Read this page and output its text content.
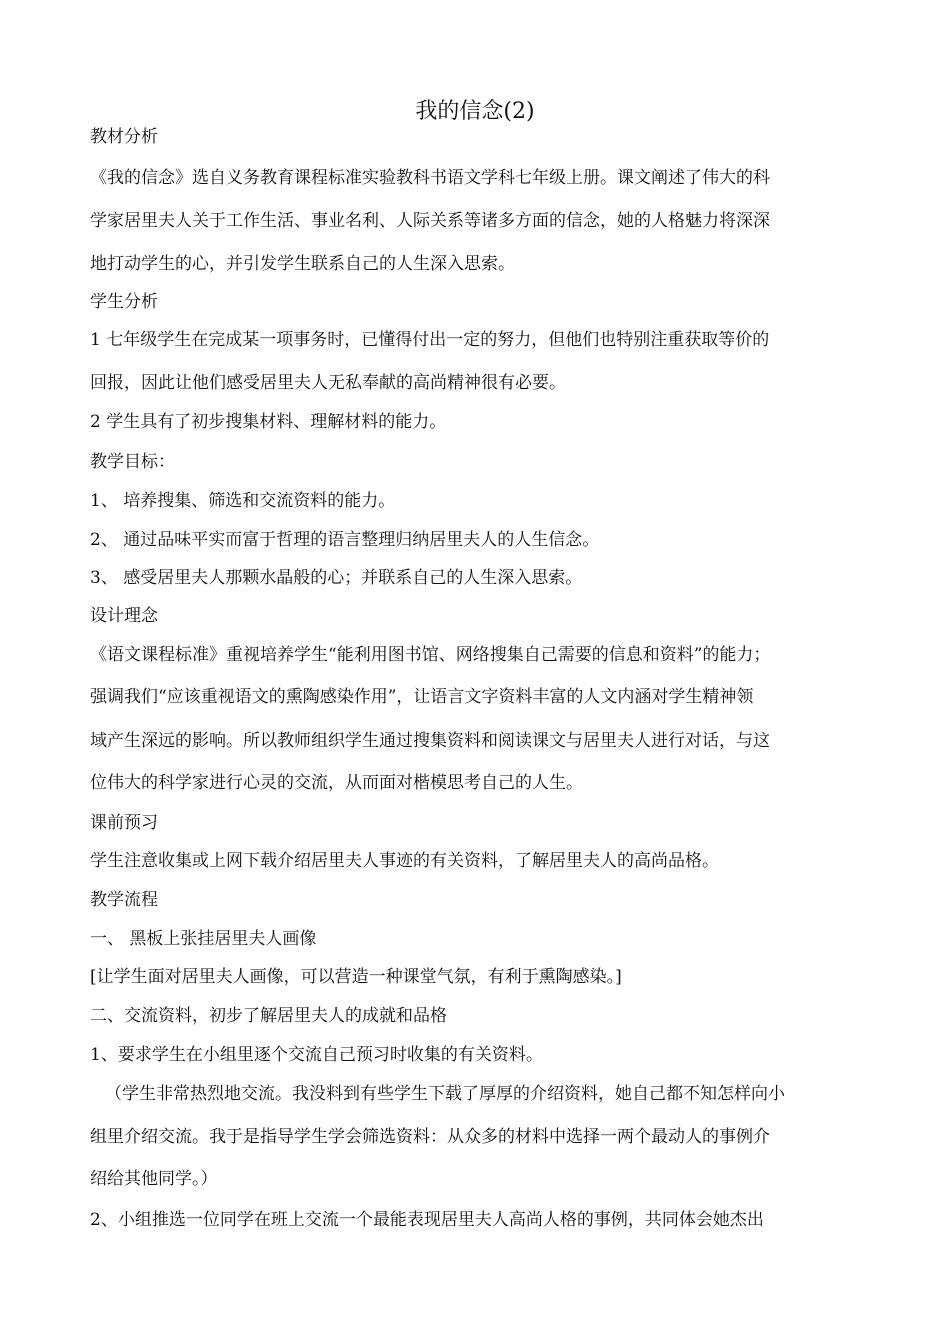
我的信念(2)
教材分析
《我的信念》选自义务教育课程标准实验教科书语文学科七年级上册。课文阐述了伟大的科
学家居里夫人关于工作生活、事业名利、人际关系等诸多方面的信念，她的人格魅力将深深
地打动学生的心，并引发学生联系自己的人生深入思索。
学生分析
1 七年级学生在完成某一项事务时，已懂得付出一定的努力，但他们也特别注重获取等价的
回报，因此让他们感受居里夫人无私奉献的高尚精神很有必要。
2 学生具有了初步搜集材料、理解材料的能力。
教学目标：
1、 培养搜集、筛选和交流资料的能力。
2、 通过品味平实而富于哲理的语言整理归纳居里夫人的人生信念。
3、 感受居里夫人那颗水晶般的心；并联系自己的人生深入思索。
设计理念
《语文课程标准》重视培养学生“能利用图书馆、网络搜集自己需要的信息和资料”的能力；
强调我们“应该重视语文的熏陶感染作用”，让语言文字资料丰富的人文内涵对学生精神领
域产生深远的影响。所以教师组织学生通过搜集资料和阅读课文与居里夫人进行对话，与这
位伟大的科学家进行心灵的交流，从而面对楷模思考自己的人生。
课前预习
学生注意收集或上网下载介绍居里夫人事迹的有关资料，了解居里夫人的高尚品格。
教学流程
一、 黑板上张挂居里夫人画像
[让学生面对居里夫人画像，可以营造一种课堂气氛，有利于熏陶感染。]
二、交流资料，初步了解居里夫人的成就和品格
1、要求学生在小组里逐个交流自己预习时收集的有关资料。
（学生非常热烈地交流。我没料到有些学生下载了厚厚的介绍资料，她自己都不知怎样向小
组里介绍交流。我于是指导学生学会筛选资料：从众多的材料中选择一两个最动人的事例介
绍给其他同学。）
2、小组推选一位同学在班上交流一个最能表现居里夫人高尚人格的事例，共同体会她杰出
